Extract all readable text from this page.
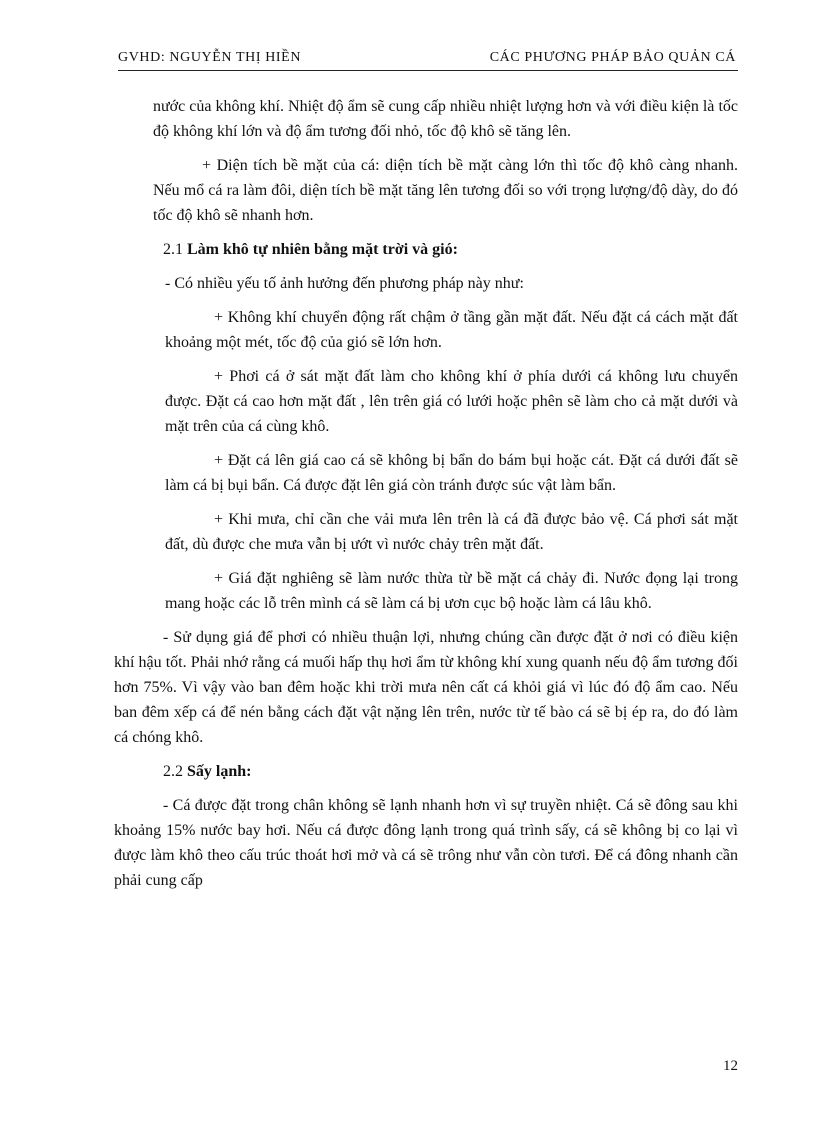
GVHD: NGUYỄN THỊ HIỀN	CÁC PHƯƠNG PHÁP BẢO QUẢN CÁ

nước của không khí. Nhiệt độ ẩm sẽ cung cấp nhiều nhiệt lượng hơn và với điều kiện là tốc độ không khí lớn và độ ẩm tương đối nhỏ, tốc độ khô sẽ tăng lên.

+ Diện tích bề mặt của cá: diện tích bề mặt càng lớn thì tốc độ khô càng nhanh. Nếu mổ cá ra làm đôi, diện tích bề mặt tăng lên tương đối so với trọng lượng/độ dày, do đó tốc độ khô sẽ nhanh hơn.

2.1 Làm khô tự nhiên bằng mặt trời và gió:

- Có nhiều yếu tố ảnh hưởng đến phương pháp này như:

+ Không khí chuyển động rất chậm ở tầng gần mặt đất. Nếu đặt cá cách mặt đất khoảng một mét, tốc độ của gió sẽ lớn hơn.

+ Phơi cá ở sát mặt đất làm cho không khí ở phía dưới cá không lưu chuyển được. Đặt cá cao hơn mặt đất , lên trên giá có lưới hoặc phên sẽ làm cho cả mặt dưới và mặt trên của cá cùng khô.

+ Đặt cá lên giá cao cá sẽ không bị bẩn do bám bụi hoặc cát. Đặt cá dưới đất sẽ làm cá bị bụi bẩn. Cá được đặt lên giá còn tránh được súc vật làm bẩn.

+ Khi mưa, chỉ cần che vải mưa lên trên là cá đã được bảo vệ. Cá phơi sát mặt đất, dù được che mưa vẫn bị ướt vì nước chảy trên mặt đất.

+ Giá đặt nghiêng sẽ làm nước thừa từ bề mặt cá chảy đi. Nước đọng lại trong mang hoặc các lỗ trên mình cá sẽ làm cá bị ươn cục bộ hoặc làm cá lâu khô.

- Sử dụng giá để phơi có nhiều thuận lợi, nhưng chúng cần được đặt ở nơi có điều kiện khí hậu tốt. Phải nhớ rằng cá muối hấp thụ hơi ẩm từ không khí xung quanh nếu độ ẩm tương đối hơn 75%. Vì vậy vào ban đêm hoặc khi trời mưa nên cất cá khỏi giá vì lúc đó độ ẩm cao. Nếu ban đêm xếp cá để nén bằng cách đặt vật nặng lên trên, nước từ tế bào cá sẽ bị ép ra, do đó làm cá chóng khô.

2.2 Sấy lạnh:

- Cá được đặt trong chân không sẽ lạnh nhanh hơn vì sự truyền nhiệt. Cá sẽ đông sau khi khoảng 15% nước bay hơi. Nếu cá được đông lạnh trong quá trình sấy, cá sẽ không bị co lại vì được làm khô theo cấu trúc thoát hơi mở và cá sẽ trông như vẫn còn tươi. Để cá đông nhanh cần phải cung cấp

12
